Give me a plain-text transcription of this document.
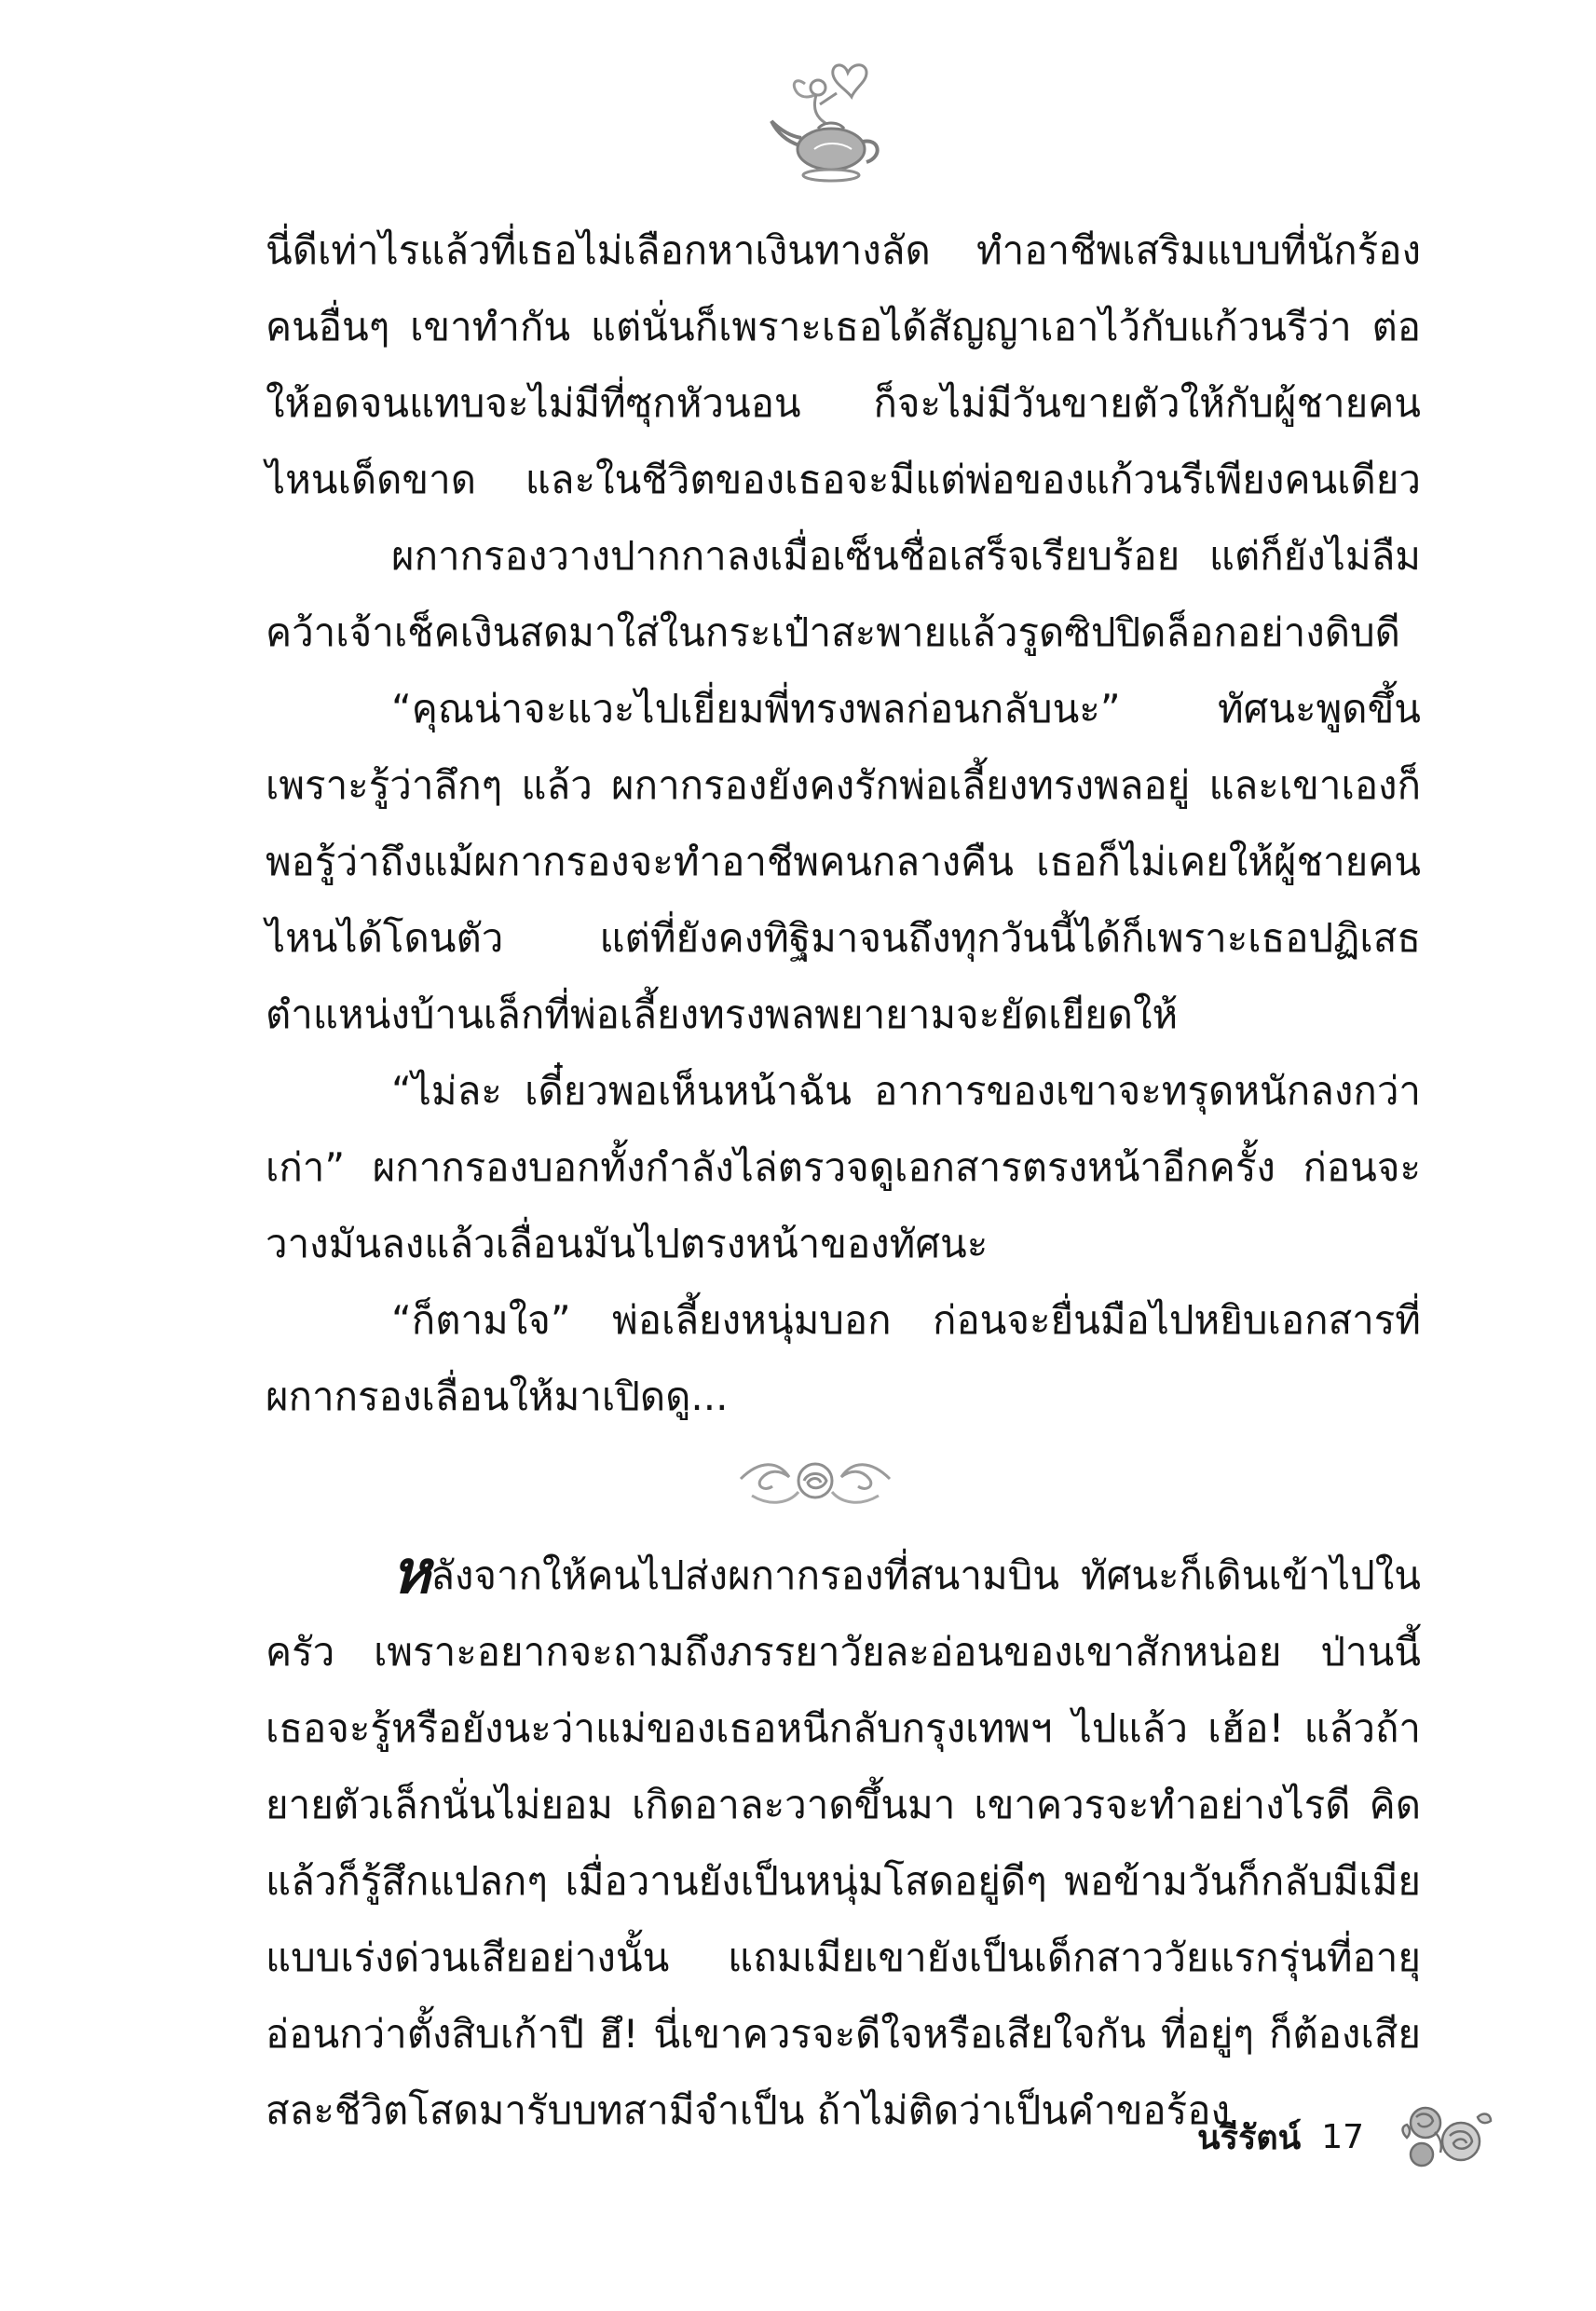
นี่ดีเท่าไรแล้วที่เธอไม่เลือกหาเงินทางลัด ทำอาชีพเสริมแบบที่นักร้องคนอื่นๆ เขาทำกัน แต่นั่นก็เพราะเธอได้สัญญาเอาไว้กับแก้วนรีว่า ต่อให้อดจนแทบจะไม่มีที่ซุกหัวนอน ก็จะไม่มีวันขายตัวให้กับผู้ชายคนไหนเด็ดขาด และในชีวิตของเธอจะมีแต่พ่อของแก้วนรีเพียงคนเดียว

ผกากรองวางปากกาลงเมื่อเซ็นชื่อเสร็จเรียบร้อย แต่ก็ยังไม่ลืมคว้าเจ้าเช็คเงินสดมาใส่ในกระเป๋าสะพายแล้วรูดซิปปิดล็อกอย่างดิบดี

“คุณน่าจะแวะไปเยี่ยมพี่ทรงพลก่อนกลับนะ” ทัศนะพูดขึ้นเพราะรู้ว่าลึกๆ แล้ว ผกากรองยังคงรักพ่อเลี้ยงทรงพลอยู่ และเขาเองก็พอรู้ว่าถึงแม้ผกากรองจะทำอาชีพคนกลางคืน เธอก็ไม่เคยให้ผู้ชายคนไหนได้โดนตัว แต่ที่ยังคงทิฐิมาจนถึงทุกวันนี้ได้ก็เพราะเธอปฏิเสธตำแหน่งบ้านเล็กที่พ่อเลี้ยงทรงพลพยายามจะยัดเยียดให้

“ไม่ละ เดี๋ยวพอเห็นหน้าฉัน อาการของเขาจะทรุดหนักลงกว่าเก่า” ผกากรองบอกทั้งกำลังไล่ตรวจดูเอกสารตรงหน้าอีกครั้ง ก่อนจะวางมันลงแล้วเลื่อนมันไปตรงหน้าของทัศนะ

“ก็ตามใจ” พ่อเลี้ยงหนุ่มบอก ก่อนจะยื่นมือไปหยิบเอกสารที่ผกากรองเลื่อนให้มาเปิดดู...

หลังจากให้คนไปส่งผกากรองที่สนามบิน ทัศนะก็เดินเข้าไปในครัว เพราะอยากจะถามถึงภรรยาวัยละอ่อนของเขาสักหน่อย ป่านนี้เธอจะรู้หรือยังนะว่าแม่ของเธอหนีกลับกรุงเทพฯ ไปแล้ว เฮ้อ! แล้วถ้ายายตัวเล็กนั่นไม่ยอม เกิดอาละวาดขึ้นมา เขาควรจะทำอย่างไรดี คิดแล้วก็รู้สึกแปลกๆ เมื่อวานยังเป็นหนุ่มโสดอยู่ดีๆ พอข้ามวันก็กลับมีเมียแบบเร่งด่วนเสียอย่างนั้น แถมเมียเขายังเป็นเด็กสาววัยแรกรุ่นที่อายุอ่อนกว่าตั้งสิบเก้าปี ฮึ! นี่เขาควรจะดีใจหรือเสียใจกัน ที่อยู่ๆ ก็ต้องเสียสละชีวิตโสดมารับบทสามีจำเป็น ถ้าไม่ติดว่าเป็นคำขอร้อง

นรีรัตน์ 17
